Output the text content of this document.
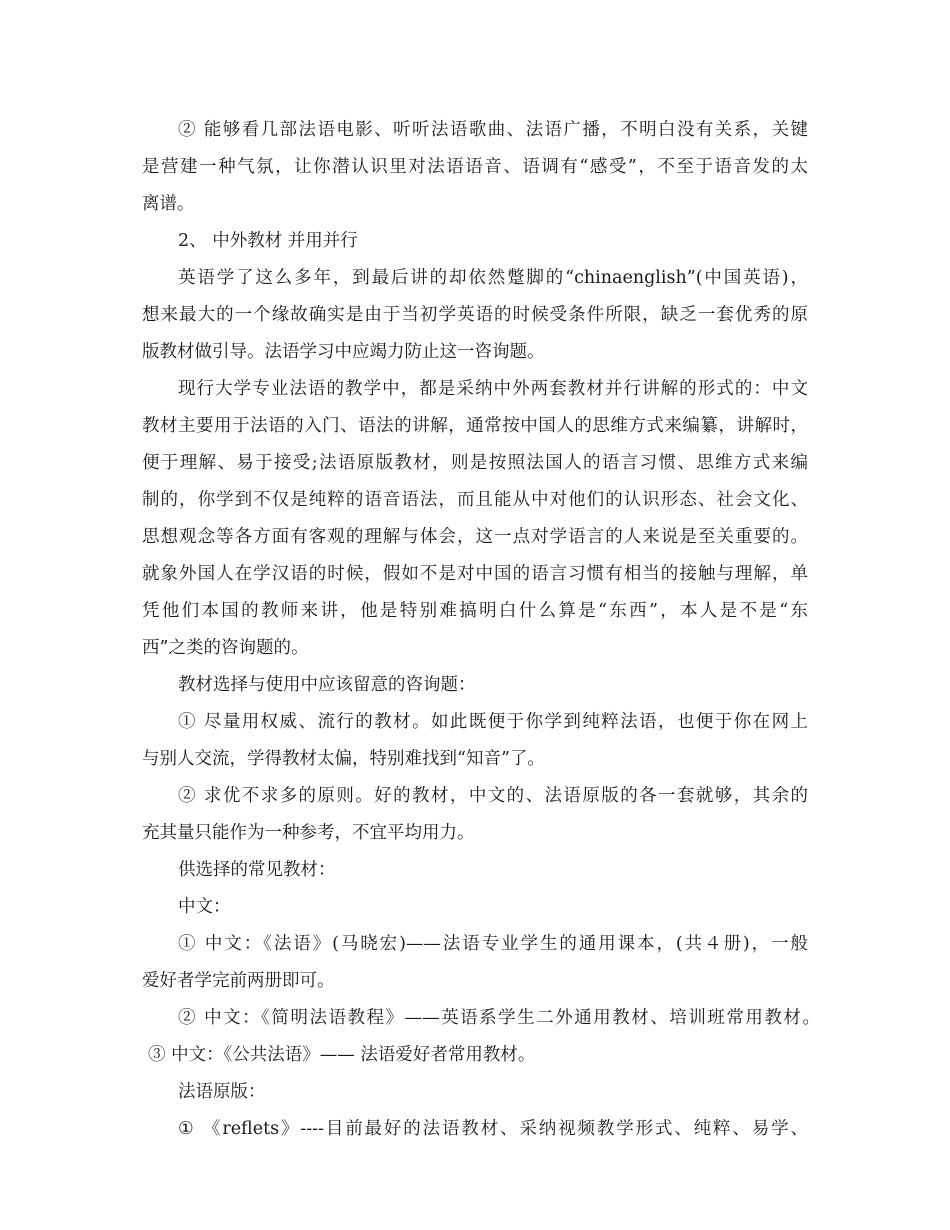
② 能够看几部法语电影、听听法语歌曲、法语广播，不明白没有关系，关键
是营建一种气氛，让你潜认识里对法语语音、语调有“感受”，不至于语音发的太
离谱。
2、 中外教材 并用并行
英语学了这么多年，到最后讲的却依然蹩脚的“chinaenglish”(中国英语)，
想来最大的一个缘故确实是由于当初学英语的时候受条件所限，缺乏一套优秀的原
版教材做引导。法语学习中应竭力防止这一咨询题。
现行大学专业法语的教学中，都是采纳中外两套教材并行讲解的形式的：中文
教材主要用于法语的入门、语法的讲解，通常按中国人的思维方式来编纂，讲解时，
便于理解、易于接受;法语原版教材，则是按照法国人的语言习惯、思维方式来编
制的，你学到不仅是纯粹的语音语法，而且能从中对他们的认识形态、社会文化、
思想观念等各方面有客观的理解与体会，这一点对学语言的人来说是至关重要的。
就象外国人在学汉语的时候，假如不是对中国的语言习惯有相当的接触与理解，单
凭他们本国的教师来讲，他是特别难搞明白什么算是“东西”，本人是不是“东
西”之类的咨询题的。
教材选择与使用中应该留意的咨询题：
① 尽量用权威、流行的教材。如此既便于你学到纯粹法语，也便于你在网上
与别人交流，学得教材太偏，特别难找到“知音”了。
② 求优不求多的原则。好的教材，中文的、法语原版的各一套就够，其余的
充其量只能作为一种参考，不宜平均用力。
供选择的常见教材：
中文：
① 中文：《法语》(马晓宏)——法语专业学生的通用课本，(共４册)，一般
爱好者学完前两册即可。
② 中文：《简明法语教程》——英语系学生二外通用教材、培训班常用教材。
③ 中文：《公共法语》—— 法语爱好者常用教材。
法语原版：
① 《reflets》----目前最好的法语教材、采纳视频教学形式、纯粹、易学、
